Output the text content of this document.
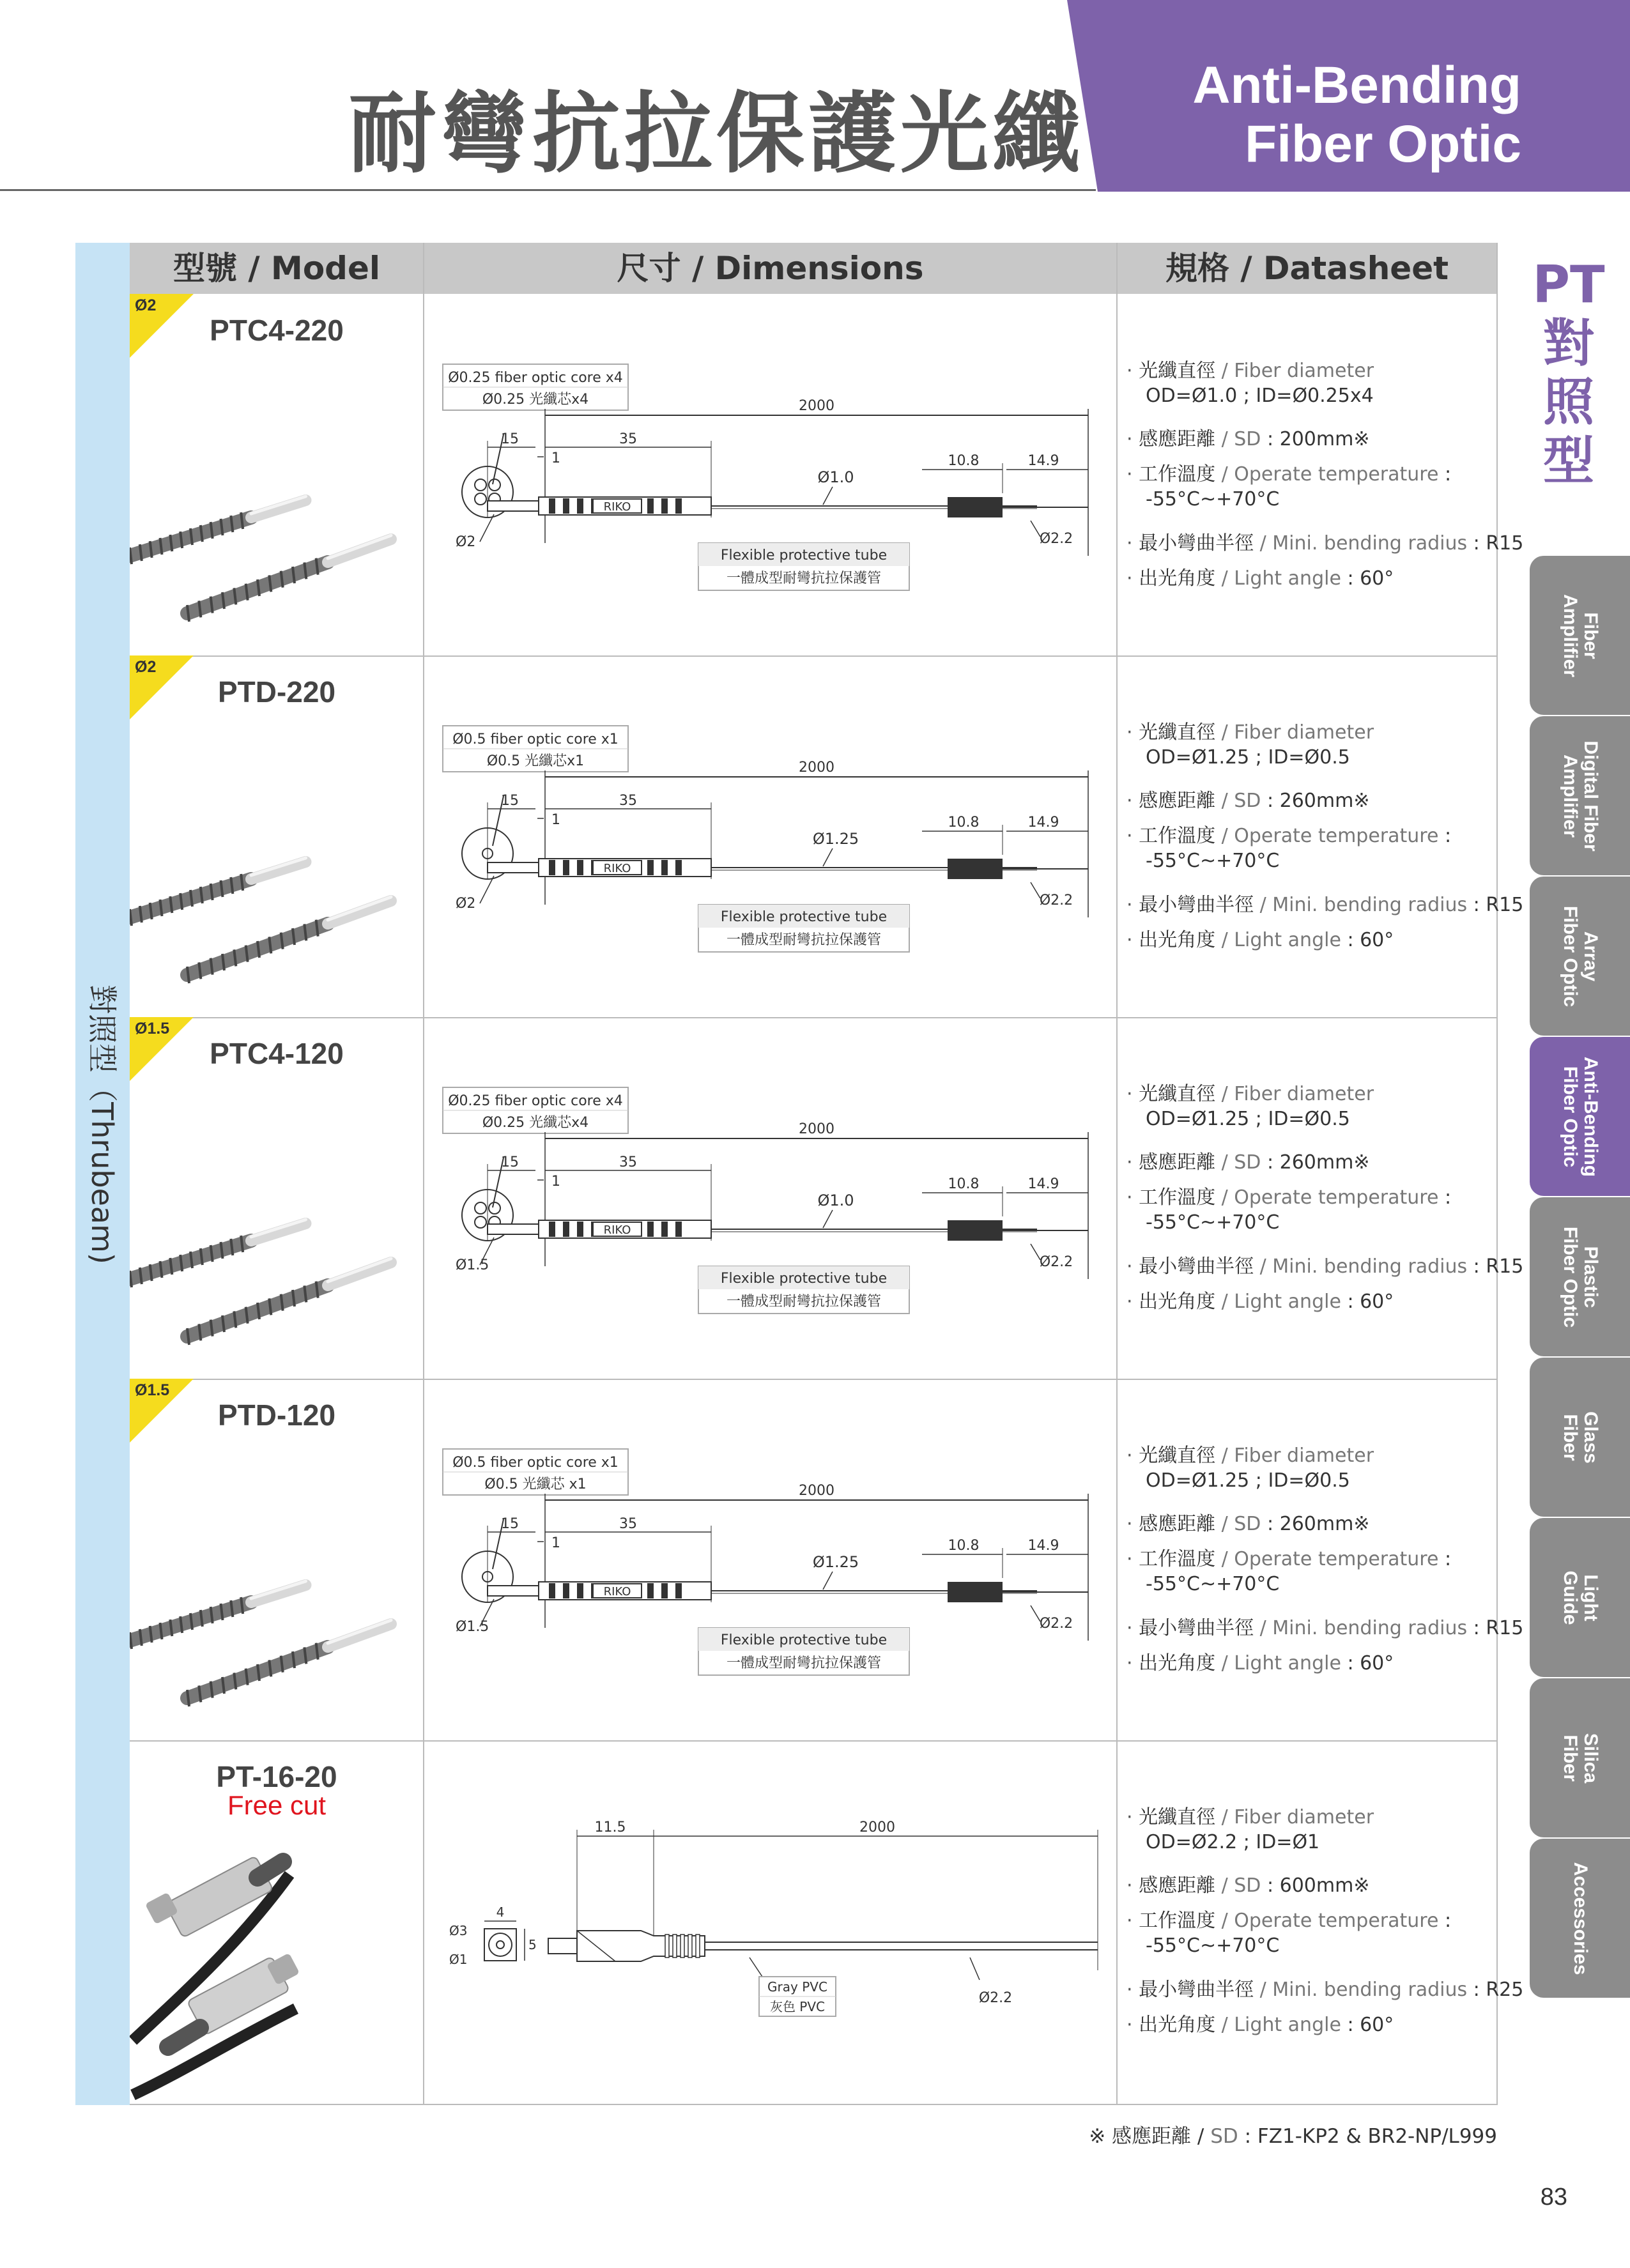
耐彎抗拉保護光纖	Anti-Bending
Fiber Optic
PT
對
照
型
Fiber
Amplifier
Digital Fiber
Amplifier
Array
Fiber Optic
Anti-Bending
Fiber Optic
Plastic
Fiber Optic
Glass
Fiber
Light
Guide
Silica
Fiber
Accessories
對照型（Thrubeam)
型號 / Model	尺寸 / Dimensions	規格 / Datasheet
Ø2
PTC4-220
Ø0.25 fiber optic core x4
Ø0.25 光纖芯x4	2000
15	35
1
RIKO
10.8	14.9
Ø1.0
Ø2.2
Ø2
Flexible protective tube
一體成型耐彎抗拉保護管
· 光纖直徑 / Fiber diameter
OD=Ø1.0 ; ID=Ø0.25x4
· 感應距離 / SD : 200mm※
· 工作溫度 / Operate temperature :
-55°C~+70°C
· 最小彎曲半徑 / Mini. bending radius : R15
· 出光角度 / Light angle : 60°
Ø2
PTD-220
Ø0.5 fiber optic core x1
Ø0.5 光纖芯x1	2000
15	35
1
RIKO
10.8	14.9
Ø1.25
Ø2.2
Ø2
Flexible protective tube
一體成型耐彎抗拉保護管
· 光纖直徑 / Fiber diameter
OD=Ø1.25 ; ID=Ø0.5
· 感應距離 / SD : 260mm※
· 工作溫度 / Operate temperature :
-55°C~+70°C
· 最小彎曲半徑 / Mini. bending radius : R15
· 出光角度 / Light angle : 60°
Ø1.5
PTC4-120
Ø0.25 fiber optic core x4
Ø0.25 光纖芯x4	2000
15	35
1
RIKO
10.8	14.9
Ø1.0
Ø2.2
Ø1.5
Flexible protective tube
一體成型耐彎抗拉保護管
· 光纖直徑 / Fiber diameter
OD=Ø1.25 ; ID=Ø0.5
· 感應距離 / SD : 260mm※
· 工作溫度 / Operate temperature :
-55°C~+70°C
· 最小彎曲半徑 / Mini. bending radius : R15
· 出光角度 / Light angle : 60°
Ø1.5
PTD-120
Ø0.5 fiber optic core x1
Ø0.5 光纖芯 x1	2000
15	35
1
RIKO
10.8	14.9
Ø1.25
Ø2.2
Ø1.5
Flexible protective tube
一體成型耐彎抗拉保護管
· 光纖直徑 / Fiber diameter
OD=Ø1.25 ; ID=Ø0.5
· 感應距離 / SD : 260mm※
· 工作溫度 / Operate temperature :
-55°C~+70°C
· 最小彎曲半徑 / Mini. bending radius : R15
· 出光角度 / Light angle : 60°
PT-16-20
Free cut
11.5	2000
4
5
Ø3
Ø1
Gray PVC
灰色 PVC
Ø2.2
· 光纖直徑 / Fiber diameter
OD=Ø2.2 ; ID=Ø1
· 感應距離 / SD : 600mm※
· 工作溫度 / Operate temperature :
-55°C~+70°C
· 最小彎曲半徑 / Mini. bending radius : R25
· 出光角度 / Light angle : 60°
※ 感應距離 / SD : FZ1-KP2 & BR2-NP/L999
83
